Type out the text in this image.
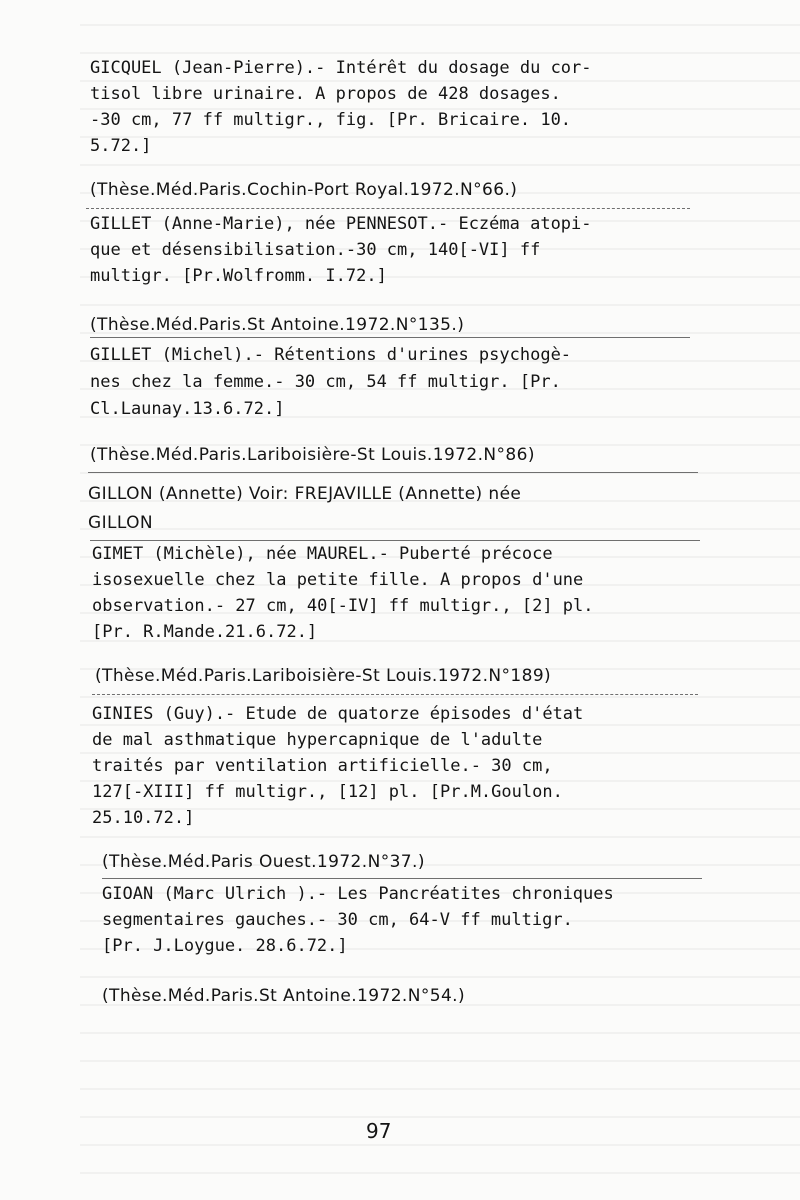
GICQUEL (Jean-Pierre).- Intérêt du dosage du cor-
tisol libre urinaire. A propos de 428 dosages.
-30 cm, 77 ff multigr., fig. [Pr. Bricaire. 10.
5.72.]
(Thèse.Méd.Paris.Cochin-Port Royal.1972.N°66.)
GILLET (Anne-Marie), née PENNESOT.- Eczéma atopi-
que et désensibilisation.-30 cm, 140[-VI] ff
multigr. [Pr.Wolfromm. I.72.]
(Thèse.Méd.Paris.St Antoine.1972.N°135.)
GILLET (Michel).- Rétentions d'urines psychogè-
nes chez la femme.- 30 cm, 54 ff multigr. [Pr.
Cl.Launay.13.6.72.]
(Thèse.Méd.Paris.Lariboisière-St Louis.1972.N°86)
GILLON (Annette) Voir: FREJAVILLE (Annette) née
GILLON
GIMET (Michèle), née MAUREL.- Puberté précoce
isosexuelle chez la petite fille. A propos d'une
observation.- 27 cm, 40[-IV] ff multigr., [2] pl.
[Pr. R.Mande.21.6.72.]
(Thèse.Méd.Paris.Lariboisière-St Louis.1972.N°189)
GINIES (Guy).- Etude de quatorze épisodes d'état
de mal asthmatique hypercapnique de l'adulte
traités par ventilation artificielle.- 30 cm,
127[-XIII] ff multigr., [12] pl. [Pr.M.Goulon.
25.10.72.]
(Thèse.Méd.Paris Ouest.1972.N°37.)
GIOAN (Marc Ulrich ).- Les Pancréatites chroniques
segmentaires gauches.- 30 cm, 64-V ff multigr.
[Pr. J.Loygue. 28.6.72.]
(Thèse.Méd.Paris.St Antoine.1972.N°54.)
97
